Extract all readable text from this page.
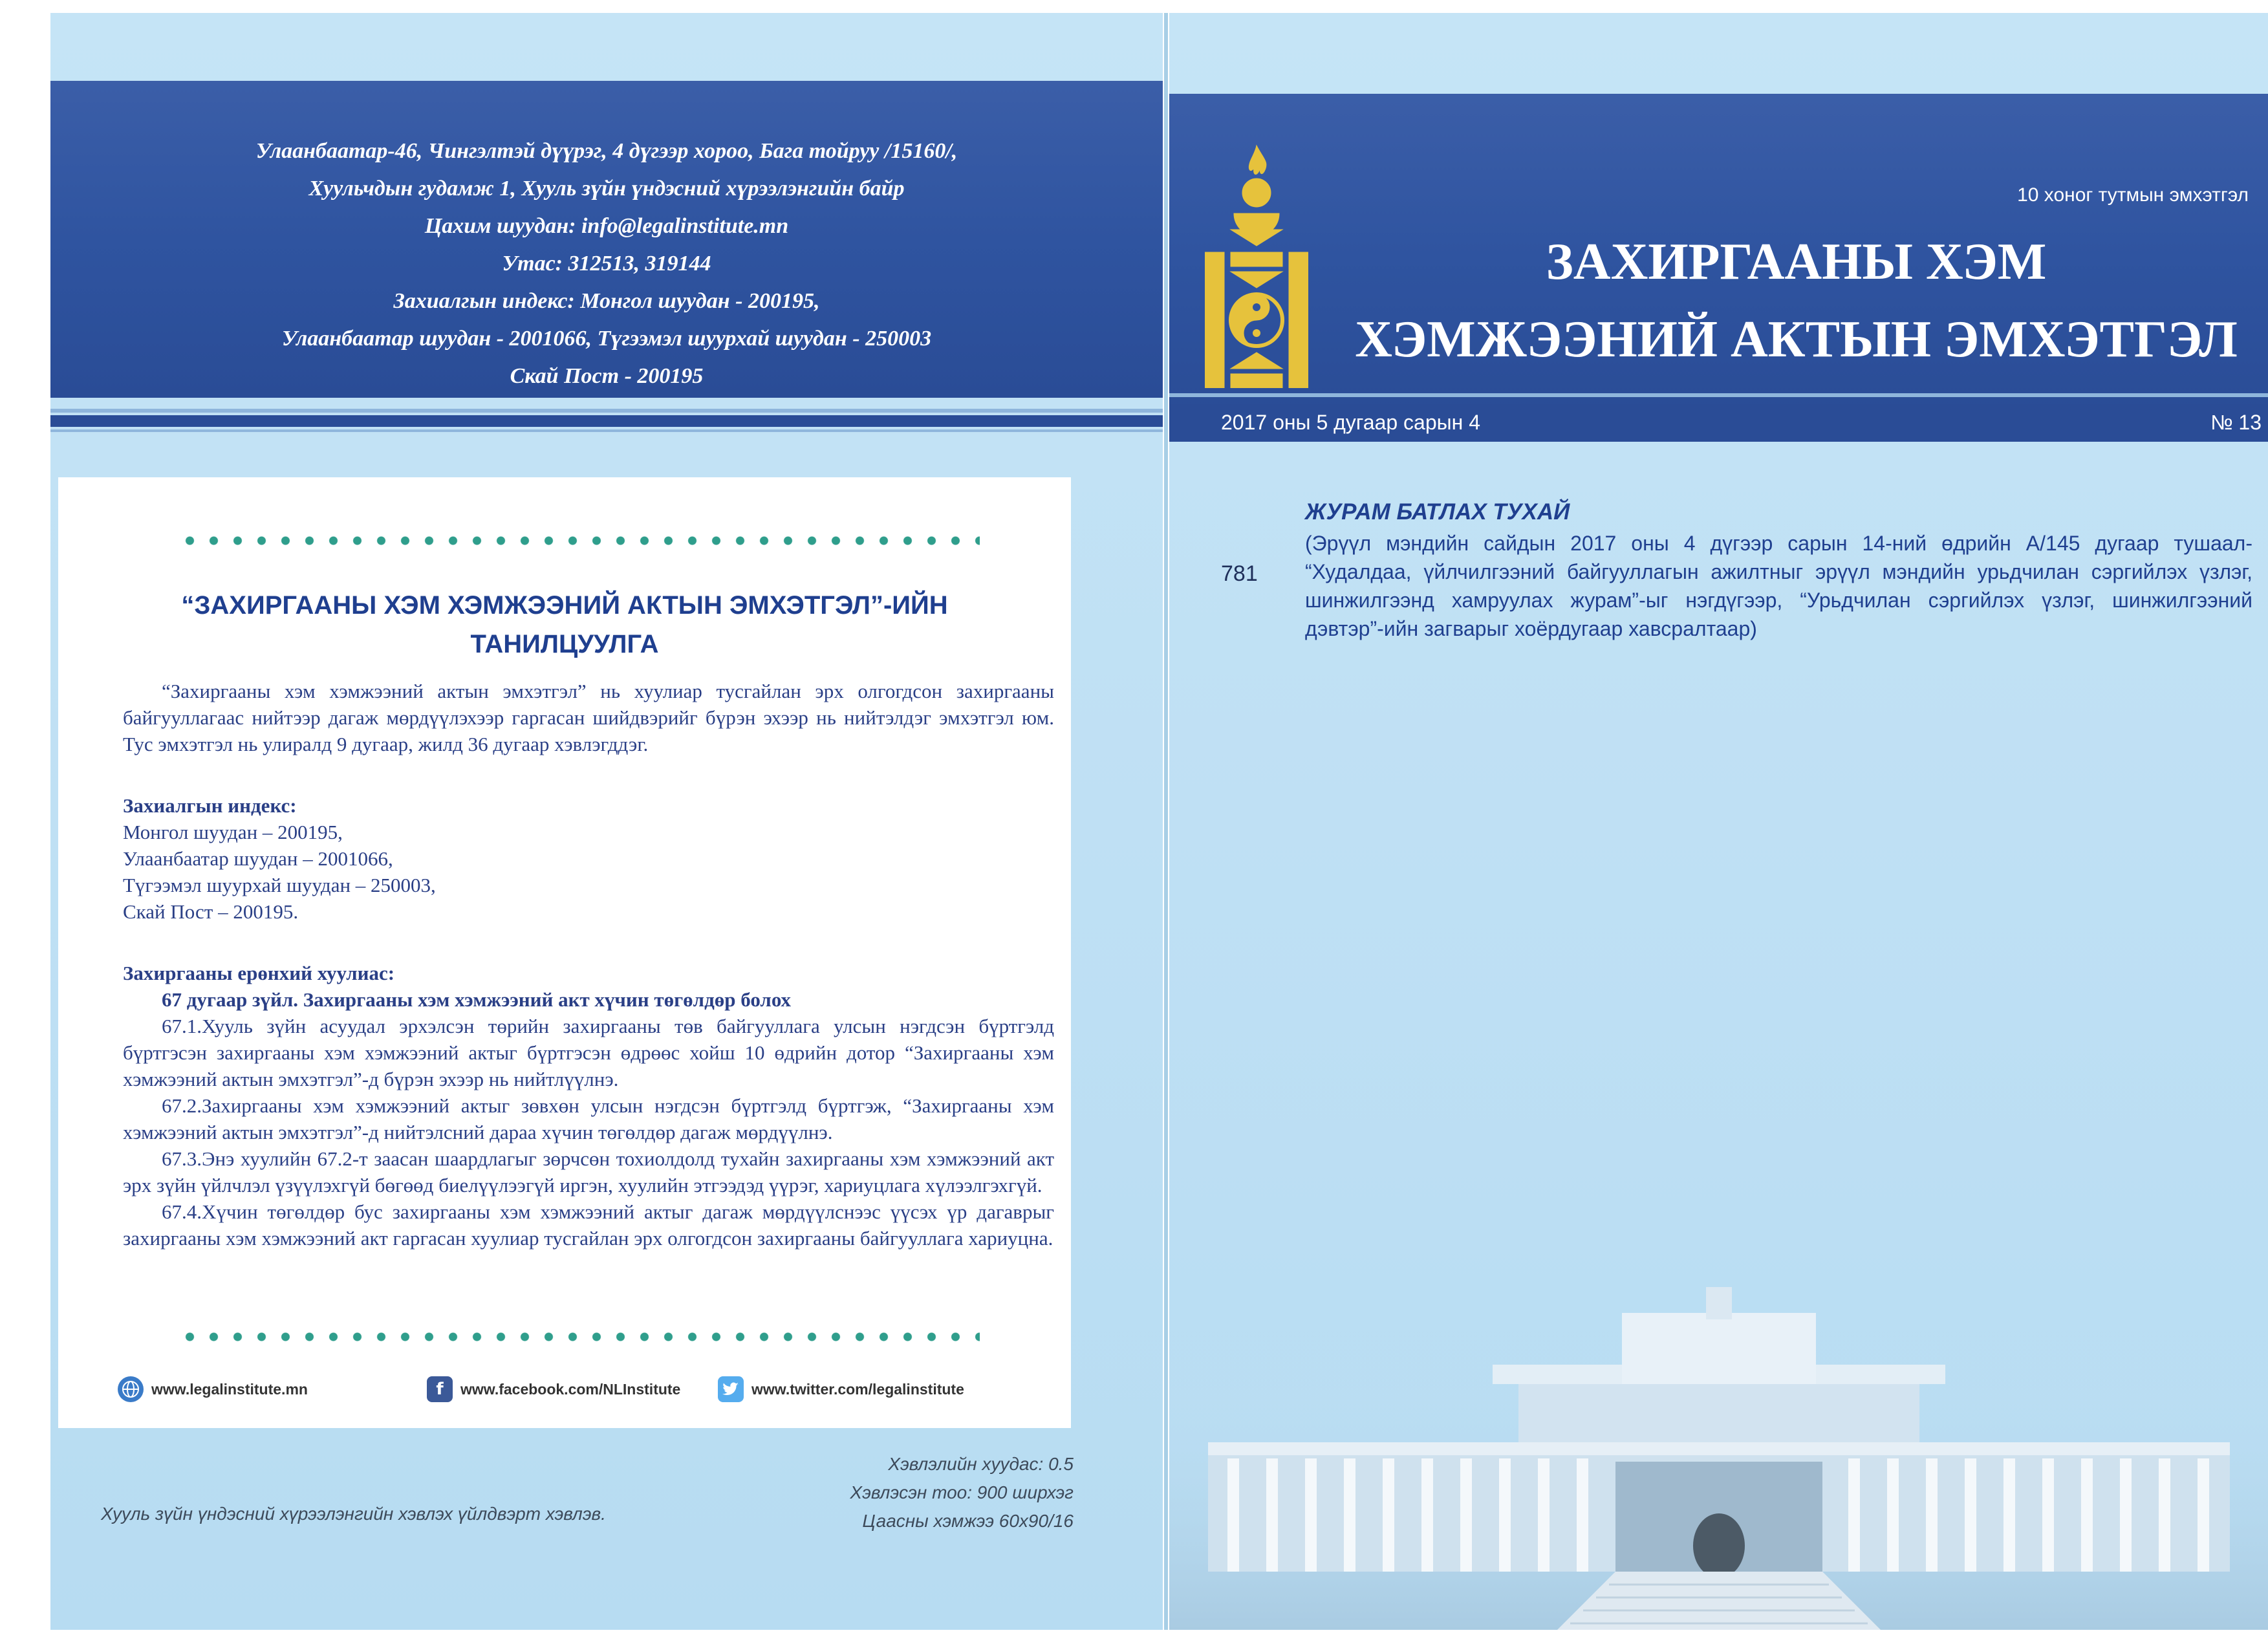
Улаанбаатар-46, Чингэлтэй дүүрэг, 4 дүгээр хороо, Бага тойруу /15160/,
Хуульчдын гудамж 1, Хууль зүйн үндэсний хүрээлэнгийн байр
Цахим шуудан: info@legalinstitute.mn
Утас: 312513, 319144
Захиалгын индекс: Монгол шуудан - 200195,
Улаанбаатар шуудан - 2001066, Түгээмэл шуурхай шуудан - 250003
Скай Пост - 200195
“ЗАХИРГААНЫ ХЭМ ХЭМЖЭЭНИЙ АКТЫН ЭМХЭТГЭЛ”-ИЙН
ТАНИЛЦУУЛГА

“Захиргааны хэм хэмжээний актын эмхэтгэл” нь хуулиар тусгайлан эрх олгогдсон захиргааны байгууллагаас нийтээр дагаж мөрдүүлэхээр гаргасан шийдвэрийг бүрэн эхээр нь нийтэлдэг эмхэтгэл юм. Тус эмхэтгэл нь улиралд 9 дугаар, жилд 36 дугаар хэвлэгддэг.

Захиалгын индекс:

Монгол шуудан – 200195,

Улаанбаатар шуудан – 2001066,

Түгээмэл шуурхай шуудан – 250003,

Скай Пост – 200195.

Захиргааны ерөнхий хуулиас:

67 дугаар зүйл. Захиргааны хэм хэмжээний акт хүчин төгөлдөр болох

67.1.Хууль зүйн асуудал эрхэлсэн төрийн захиргааны төв байгууллага улсын нэгдсэн бүртгэлд бүртгэсэн захиргааны хэм хэмжээний актыг бүртгэсэн өдрөөс хойш 10 өдрийн дотор “Захиргааны хэм хэмжээний актын эмхэтгэл”-д бүрэн эхээр нь нийтлүүлнэ.

67.2.Захиргааны хэм хэмжээний актыг зөвхөн улсын нэгдсэн бүртгэлд бүртгэж, “Захиргааны хэм хэмжээний актын эмхэтгэл”-д нийтэлсний дараа хүчин төгөлдөр дагаж мөрдүүлнэ.

67.3.Энэ хуулийн 67.2-т заасан шаардлагыг зөрчсөн тохиолдолд тухайн захиргааны хэм хэмжээний акт эрх зүйн үйлчлэл үзүүлэхгүй бөгөөд биелүүлээгүй иргэн, хуулийн этгээдэд үүрэг, хариуцлага хүлээлгэхгүй.

67.4.Хүчин төгөлдөр бус захиргааны хэм хэмжээний актыг дагаж мөрдүүлснээс үүсэх үр дагаврыг захиргааны хэм хэмжээний акт гаргасан хуулиар тусгайлан эрх олгогдсон захиргааны байгууллага хариуцна.

www.legalinstitute.mn	f	www.facebook.com/NLInstitute	www.twitter.com/legalinstitute
Хэвлэлийн хуудас: 0.5
Хэвлэсэн тоо: 900 ширхэг
Цаасны хэмжээ 60х90/16
Хууль зүйн үндэсний хүрээлэнгийн хэвлэх үйлдвэрт хэвлэв.
10 хоног тутмын эмхэтгэл
ЗАХИРГААНЫ ХЭМ
ХЭМЖЭЭНИЙ АКТЫН ЭМХЭТГЭЛ
2017 оны 5 дугаар сарын 4	№ 13
781
ЖУРАМ БАТЛАХ ТУХАЙ
(Эрүүл мэндийн сайдын 2017 оны 4 дүгээр сарын 14-ний өдрийн А/145 дугаар тушаал- “Худалдаа, үйлчилгээний байгууллагын ажилтныг эрүүл мэндийн урьдчилан сэргийлэх үзлэг, шинжилгээнд хамруулах журам”-ыг нэгдүгээр, “Урьдчилан сэргийлэх үзлэг, шинжилгээний дэвтэр”-ийн загварыг хоёрдугаар хавсралтаар)
